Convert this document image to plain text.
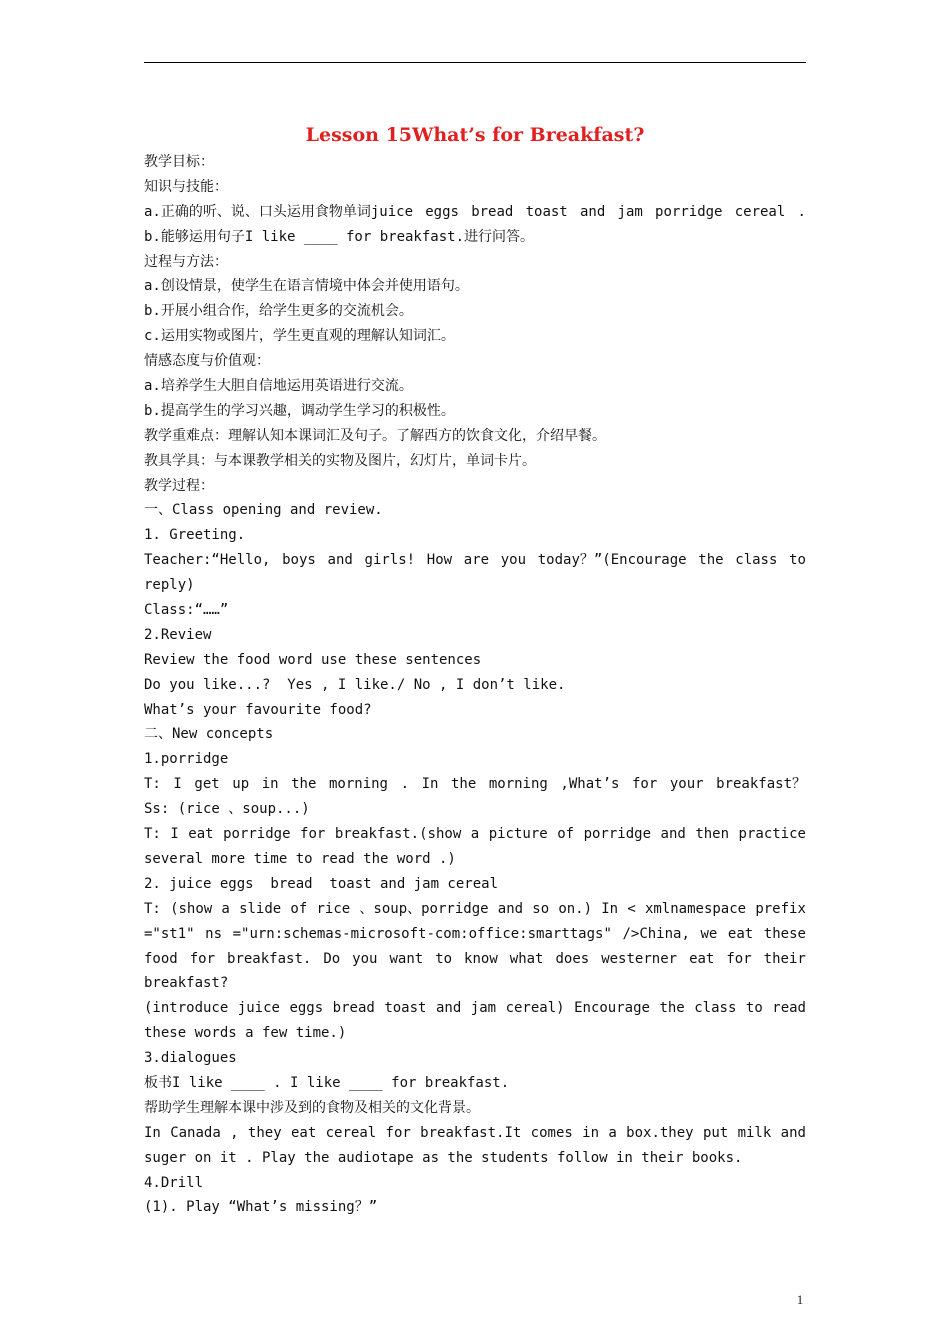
Lesson 15What’s for Breakfast?
教学目标：
知识与技能：
a.正确的听、说、口头运用食物单词juice eggs bread toast and jam porridge cereal .
b.能够运用句子I like ____ for breakfast.进行问答。
过程与方法：
a.创设情景，使学生在语言情境中体会并使用语句。
b.开展小组合作，给学生更多的交流机会。
c.运用实物或图片，学生更直观的理解认知词汇。
情感态度与价值观：
a.培养学生大胆自信地运用英语进行交流。
b.提高学生的学习兴趣，调动学生学习的积极性。
教学重难点：理解认知本课词汇及句子。了解西方的饮食文化，介绍早餐。
教具学具：与本课教学相关的实物及图片，幻灯片，单词卡片。
教学过程：
一、Class opening and review.
1. Greeting.
Teacher:“Hello, boys and girls! How are you today？”(Encourage the class to
reply)
Class:“……”
2.Review
Review the food word use these sentences
Do you like...?  Yes , I like./ No , I don’t like.
What’s your favourite food?
二、New concepts
1.porridge
T: I get up in the morning . In the morning ,What’s for your breakfast？
Ss: (rice 、soup...)
T: I eat porridge for breakfast.(show a picture of porridge and then practice
several more time to read the word .)
2. juice eggs  bread  toast and jam cereal
T: (show a slide of rice 、soup、porridge and so on.) In < xmlnamespace prefix
="st1" ns ="urn:schemas-microsoft-com:office:smarttags" />China, we eat these
food for breakfast. Do you want to know what does westerner eat for their
breakfast?
(introduce juice eggs bread toast and jam cereal) Encourage the class to read
these words a few time.)
3.dialogues
板书I like ____ . I like ____ for breakfast.
帮助学生理解本课中涉及到的食物及相关的文化背景。
In Canada , they eat cereal for breakfast.It comes in a box.they put milk and
suger on it . Play the audiotape as the students follow in their books.
4.Drill
(1). Play “What’s missing？”
1
